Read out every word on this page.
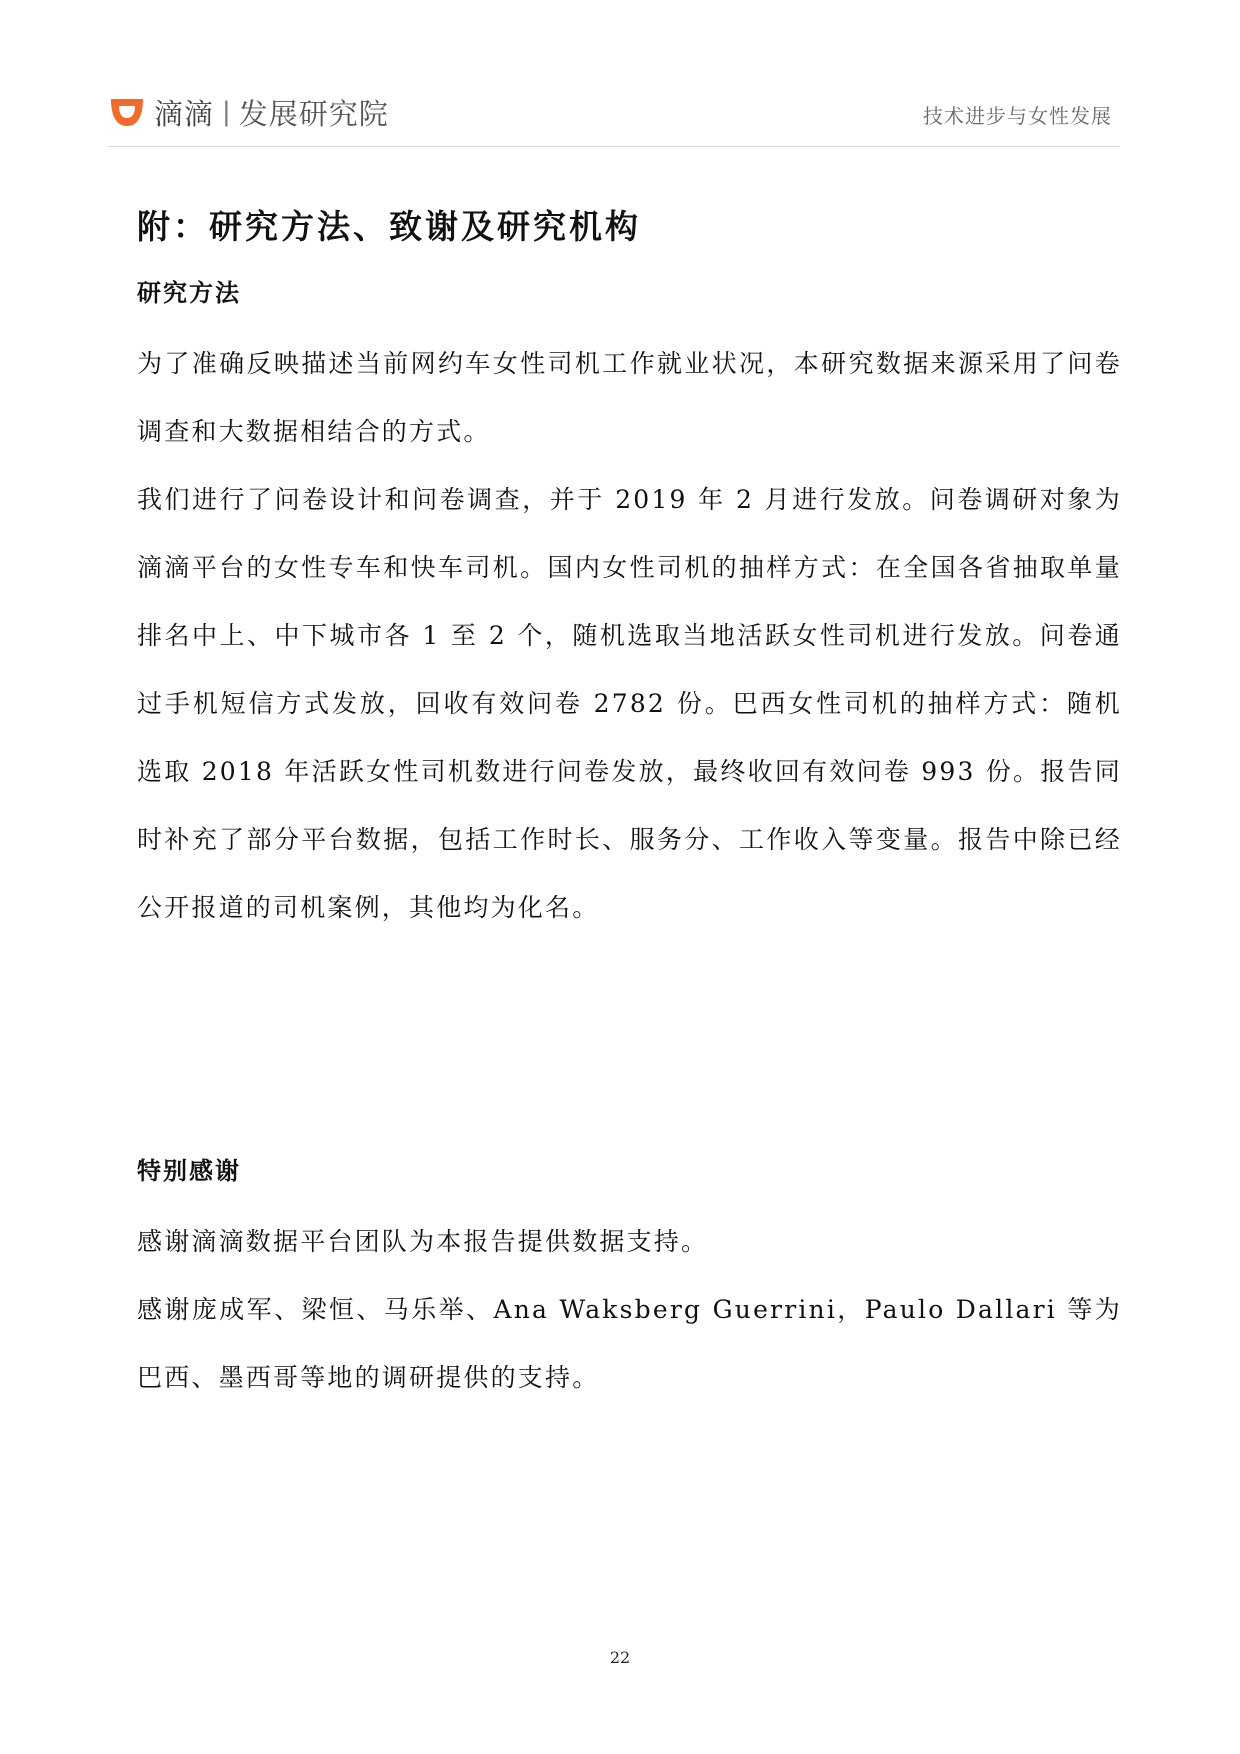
滴滴 | 发展研究院	技术进步与女性发展
附：研究方法、致谢及研究机构
研究方法

为了准确反映描述当前网约车女性司机工作就业状况，本研究数据来源采用了问卷调查和大数据相结合的方式。

我们进行了问卷设计和问卷调查，并于 2019 年 2 月进行发放。问卷调研对象为滴滴平台的女性专车和快车司机。国内女性司机的抽样方式：在全国各省抽取单量排名中上、中下城市各 1 至 2 个，随机选取当地活跃女性司机进行发放。问卷通过手机短信方式发放，回收有效问卷 2782 份。巴西女性司机的抽样方式：随机选取 2018 年活跃女性司机数进行问卷发放，最终收回有效问卷 993 份。报告同时补充了部分平台数据，包括工作时长、服务分、工作收入等变量。报告中除已经公开报道的司机案例，其他均为化名。

特别感谢

感谢滴滴数据平台团队为本报告提供数据支持。

感谢庞成军、梁恒、马乐举、Ana Waksberg Guerrini，Paulo Dallari 等为巴西、墨西哥等地的调研提供的支持。

22
